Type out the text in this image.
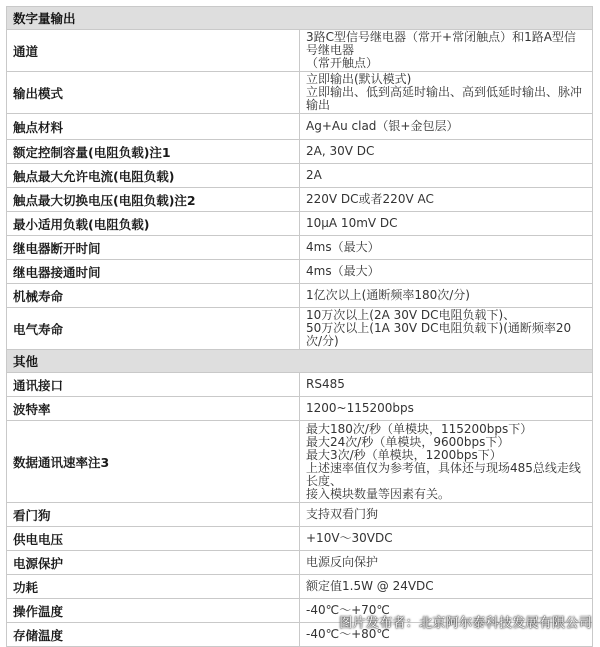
数字量输出	
通道	3路C型信号继电器（常开+常闭触点）和1路A型信号继电器
（常开触点）

输出模式	立即输出(默认模式)
立即输出、低到高延时输出、高到低延时输出、脉冲输出

触点材料	Ag+Au clad（银+金包层）

额定控制容量(电阻负载)注1	2A, 30V DC

触点最大允许电流(电阻负载)	2A

触点最大切换电压(电阻负载)注2	220V DC或者220V AC

最小适用负载(电阻负载)	10μA 10mV DC

继电器断开时间	4ms（最大）

继电器接通时间	4ms（最大）

机械寿命	1亿次以上(通断频率180次/分)

电气寿命	10万次以上(2A 30V DC电阻负载下)、
50万次以上(1A 30V DC电阻负载下)(通断频率20次/分)

其他	
通讯接口	RS485

波特率	1200~115200bps

数据通讯速率注3	最大180次/秒（单模块，115200bps下）
最大24次/秒（单模块，9600bps下）
最大3次/秒（单模块，1200bps下）
上述速率值仅为参考值，具体还与现场485总线走线长度、
接入模块数量等因素有关。

看门狗	支持双看门狗

供电电压	+10V～30VDC

电源保护	电源反向保护

功耗	额定值1.5W @ 24VDC

操作温度	-40℃～+70℃

存储温度	-40℃～+80℃
图片发布者：北京阿尔泰科技发展有限公司
